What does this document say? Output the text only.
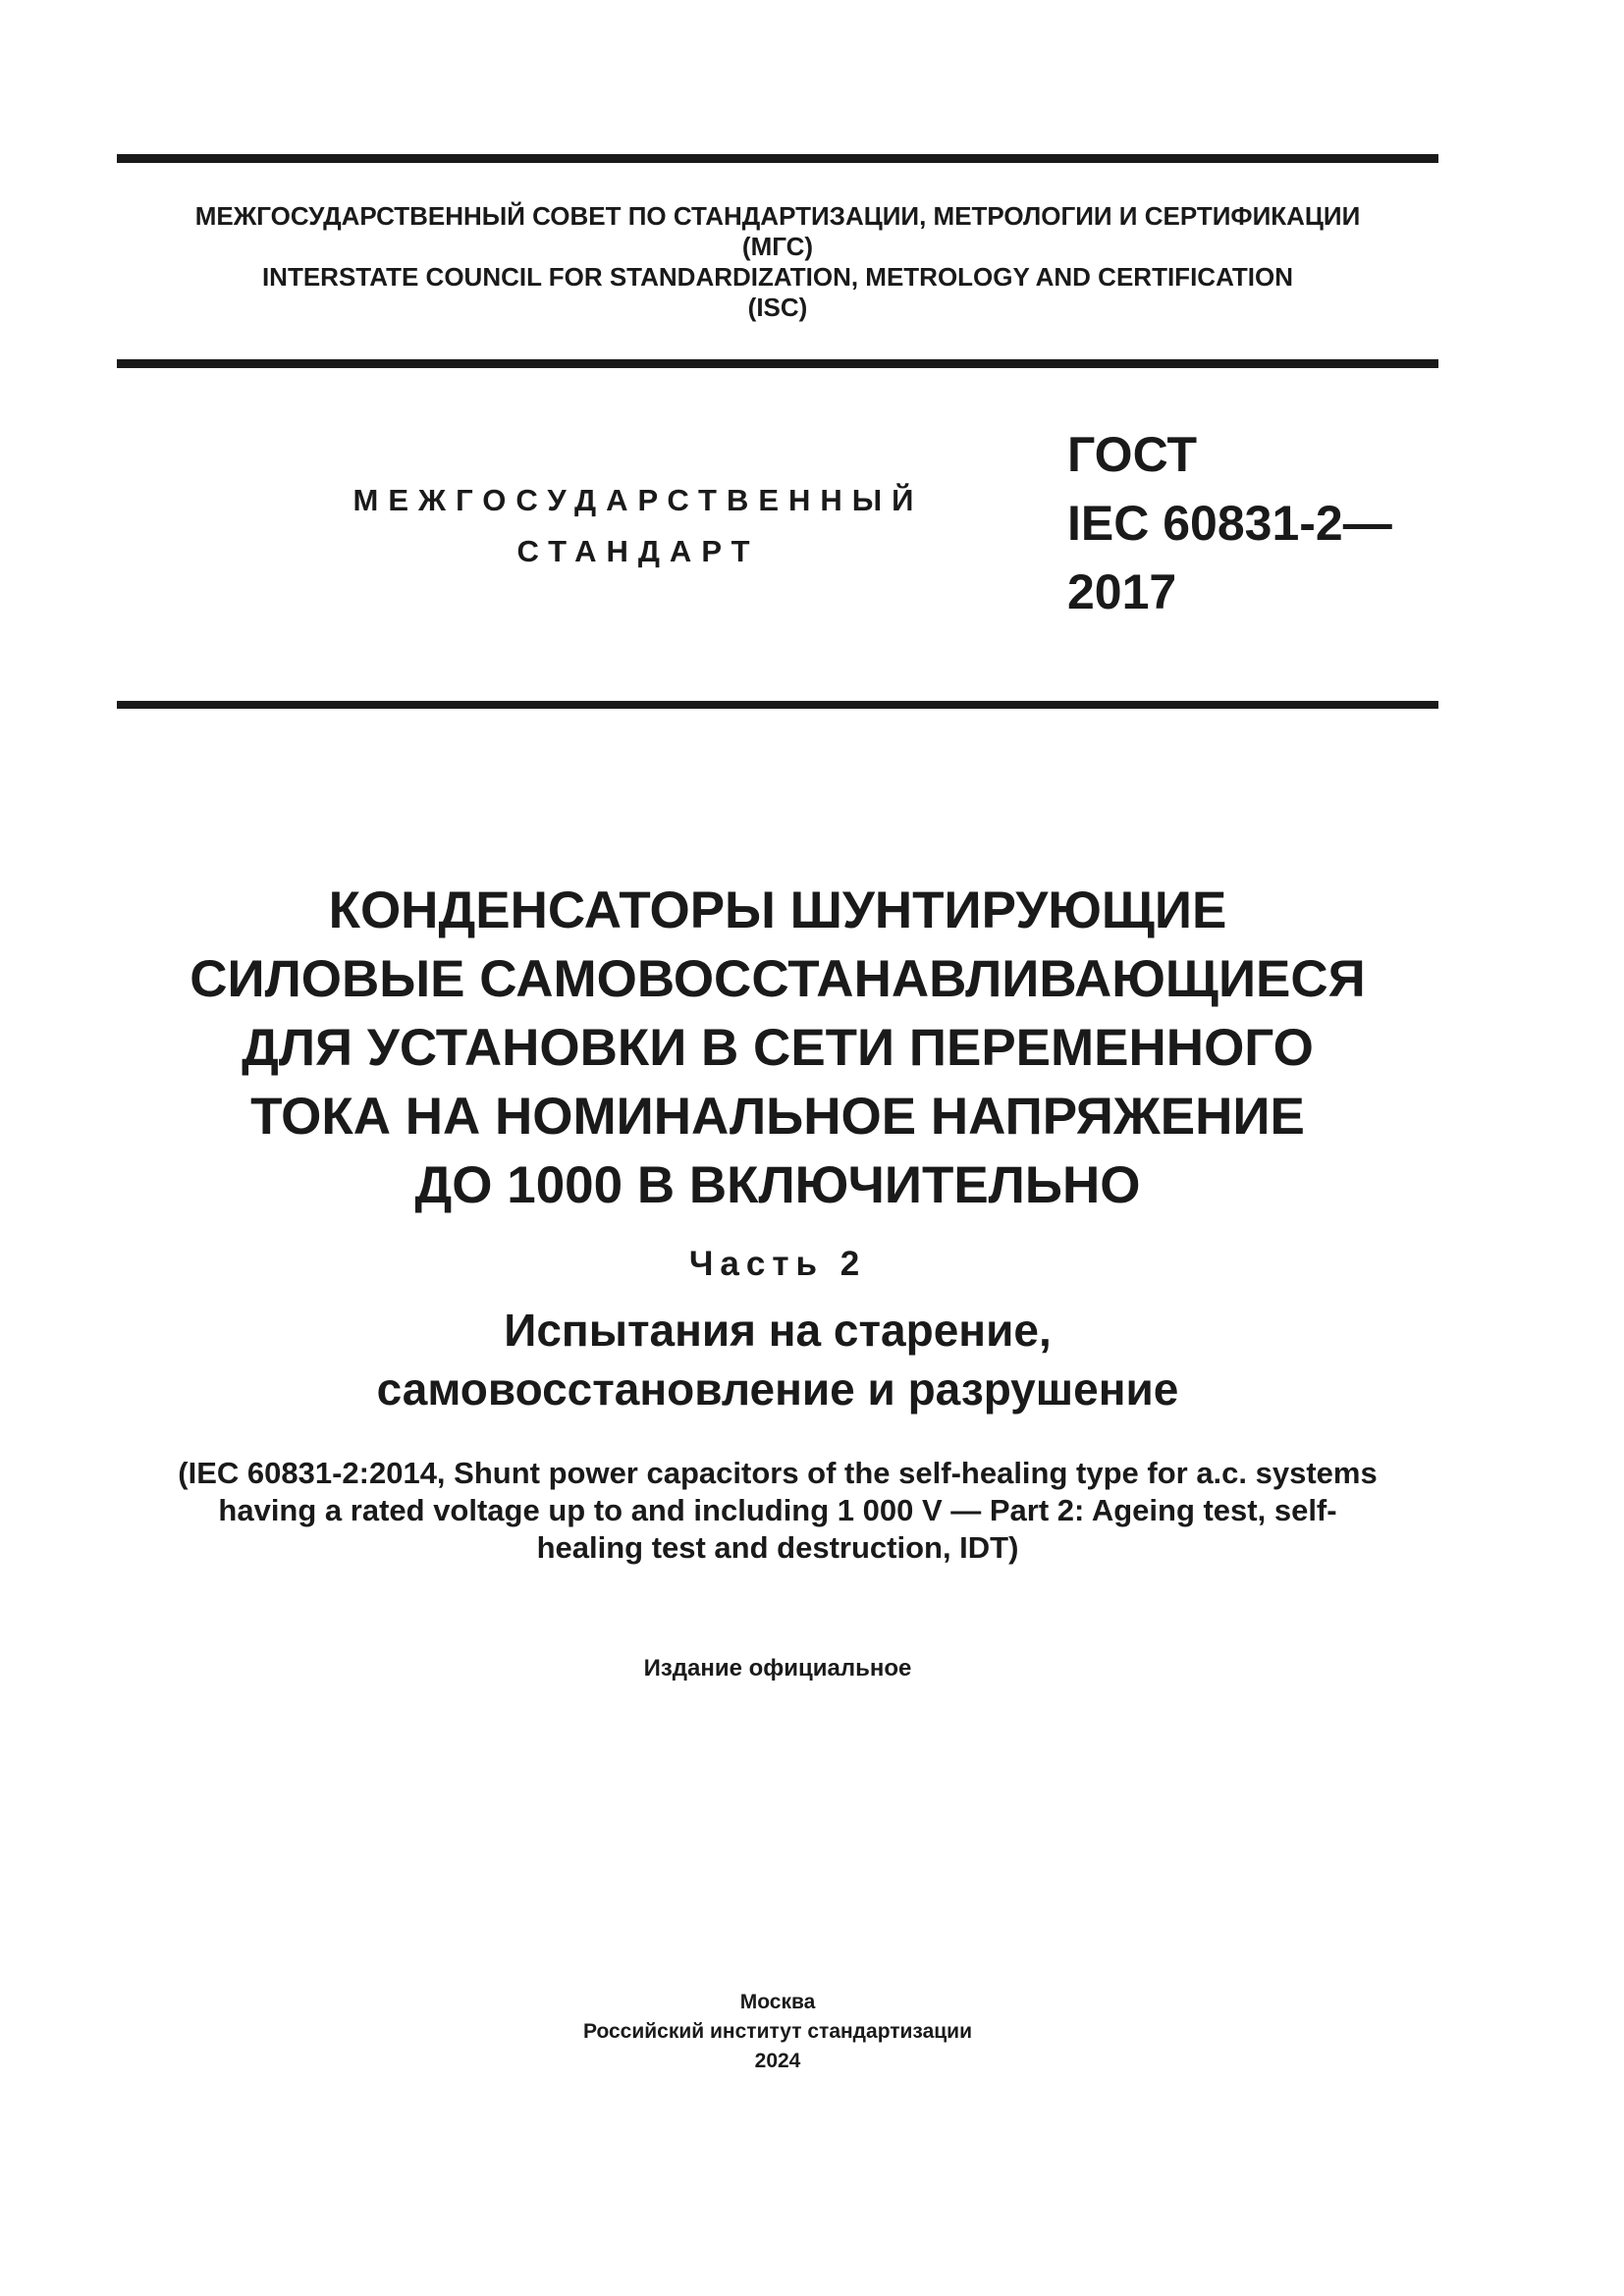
МЕЖГОСУДАРСТВЕННЫЙ СОВЕТ ПО СТАНДАРТИЗАЦИИ, МЕТРОЛОГИИ И СЕРТИФИКАЦИИ
(МГС)
INTERSTATE COUNCIL FOR STANDARDIZATION, METROLOGY AND CERTIFICATION
(ISC)
МЕЖГОСУДАРСТВЕННЫЙ
СТАНДАРТ
ГОСТ
IEC 60831-2—
2017
КОНДЕНСАТОРЫ ШУНТИРУЮЩИЕ
СИЛОВЫЕ САМОВОССТАНАВЛИВАЮЩИЕСЯ
ДЛЯ УСТАНОВКИ В СЕТИ ПЕРЕМЕННОГО
ТОКА НА НОМИНАЛЬНОЕ НАПРЯЖЕНИЕ
ДО 1000 В ВКЛЮЧИТЕЛЬНО
Часть 2
Испытания на старение,
самовосстановление и разрушение
(IEC 60831-2:2014, Shunt power capacitors of the self-healing type for a.c. systems
having a rated voltage up to and including 1 000 V — Part 2: Ageing test, self-
healing test and destruction, IDT)
Издание официальное
Москва
Российский институт стандартизации
2024
